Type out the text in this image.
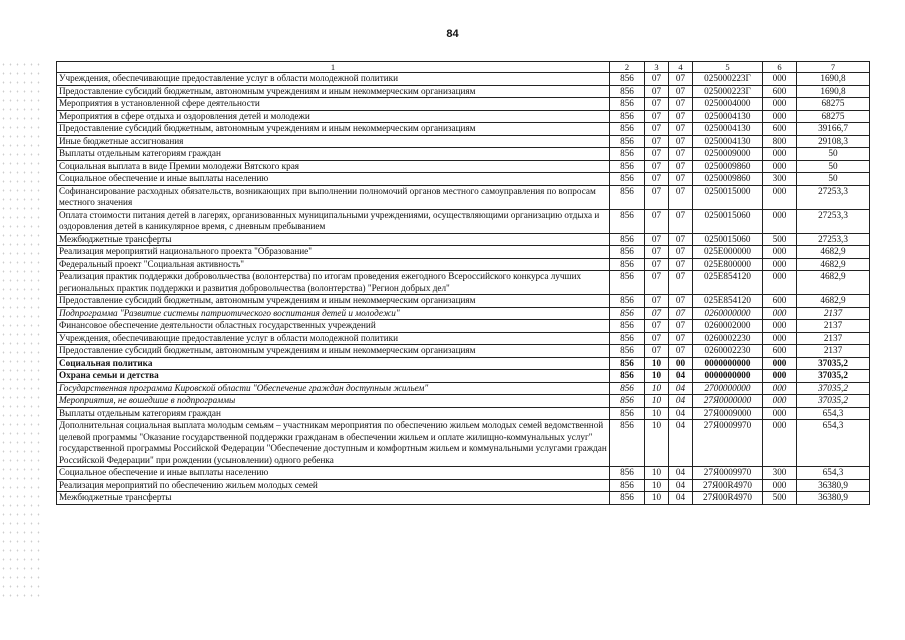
84
1	2	3	4	5	6	7
Учреждения, обеспечивающие предоставление услуг в области молодежной политики	856	07	07	025000223Г	000	1690,8
Предоставление субсидий бюджетным, автономным учреждениям и иным некоммерческим организациям	856	07	07	025000223Г	600	1690,8
Мероприятия в установленной сфере деятельности	856	07	07	0250004000	000	68275
Мероприятия в сфере отдыха и оздоровления детей и молодежи	856	07	07	0250004130	000	68275
Предоставление субсидий бюджетным, автономным учреждениям и иным некоммерческим организациям	856	07	07	0250004130	600	39166,7
Иные бюджетные ассигнования	856	07	07	0250004130	800	29108,3
Выплаты отдельным категориям граждан	856	07	07	0250009000	000	50
Социальная выплата в виде Премии молодежи Вятского края	856	07	07	0250009860	000	50
Социальное обеспечение и иные выплаты населению	856	07	07	0250009860	300	50
Софинансирование расходных обязательств, возникающих при выполнении полномочий органов местного самоуправления по вопросам местного значения	856	07	07	0250015000	000	27253,3
Оплата стоимости питания детей в лагерях, организованных муниципальными учреждениями, осуществляющими организацию отдыха и оздоровления детей в каникулярное время, с дневным пребыванием	856	07	07	0250015060	000	27253,3
Межбюджетные трансферты	856	07	07	0250015060	500	27253,3
Реализация мероприятий национального проекта "Образование"	856	07	07	025E000000	000	4682,9
Федеральный проект "Социальная активность"	856	07	07	025E800000	000	4682,9
Реализация практик поддержки добровольчества (волонтерства) по итогам проведения ежегодного Всероссийского конкурса лучших региональных практик поддержки и развития добровольчества (волонтерства) "Регион добрых дел"	856	07	07	025E854120	000	4682,9
Предоставление субсидий бюджетным, автономным учреждениям и иным некоммерческим организациям	856	07	07	025E854120	600	4682,9
Подпрограмма "Развитие системы патриотического воспитания детей и молодежи"	856	07	07	0260000000	000	2137
Финансовое обеспечение деятельности областных государственных учреждений	856	07	07	0260002000	000	2137
Учреждения, обеспечивающие предоставление услуг в области молодежной политики	856	07	07	0260002230	000	2137
Предоставление субсидий бюджетным, автономным учреждениям и иным некоммерческим организациям	856	07	07	0260002230	600	2137
Социальная политика	856	10	00	0000000000	000	37035,2
Охрана семьи и детства	856	10	04	0000000000	000	37035,2
Государственная программа Кировской области "Обеспечение граждан доступным жильем"	856	10	04	2700000000	000	37035,2
Мероприятия, не вошедшие в подпрограммы	856	10	04	27Я0000000	000	37035,2
Выплаты отдельным категориям граждан	856	10	04	27Я0009000	000	654,3
Дополнительная социальная выплата молодым семьям – участникам мероприятия по обеспечению жильем молодых семей ведомственной целевой программы "Оказание государственной поддержки гражданам в обеспечении жильем и оплате жилищно-коммунальных услуг" государственной программы Российской Федерации "Обеспечение доступным и комфортным жильем и коммунальными услугами граждан Российской Федерации" при рождении (усыновлении) одного ребенка	856	10	04	27Я0009970	000	654,3
Социальное обеспечение и иные выплаты населению	856	10	04	27Я0009970	300	654,3
Реализация мероприятий по обеспечению жильем молодых семей	856	10	04	27Я00R4970	000	36380,9
Межбюджетные трансферты	856	10	04	27Я00R4970	500	36380,9
